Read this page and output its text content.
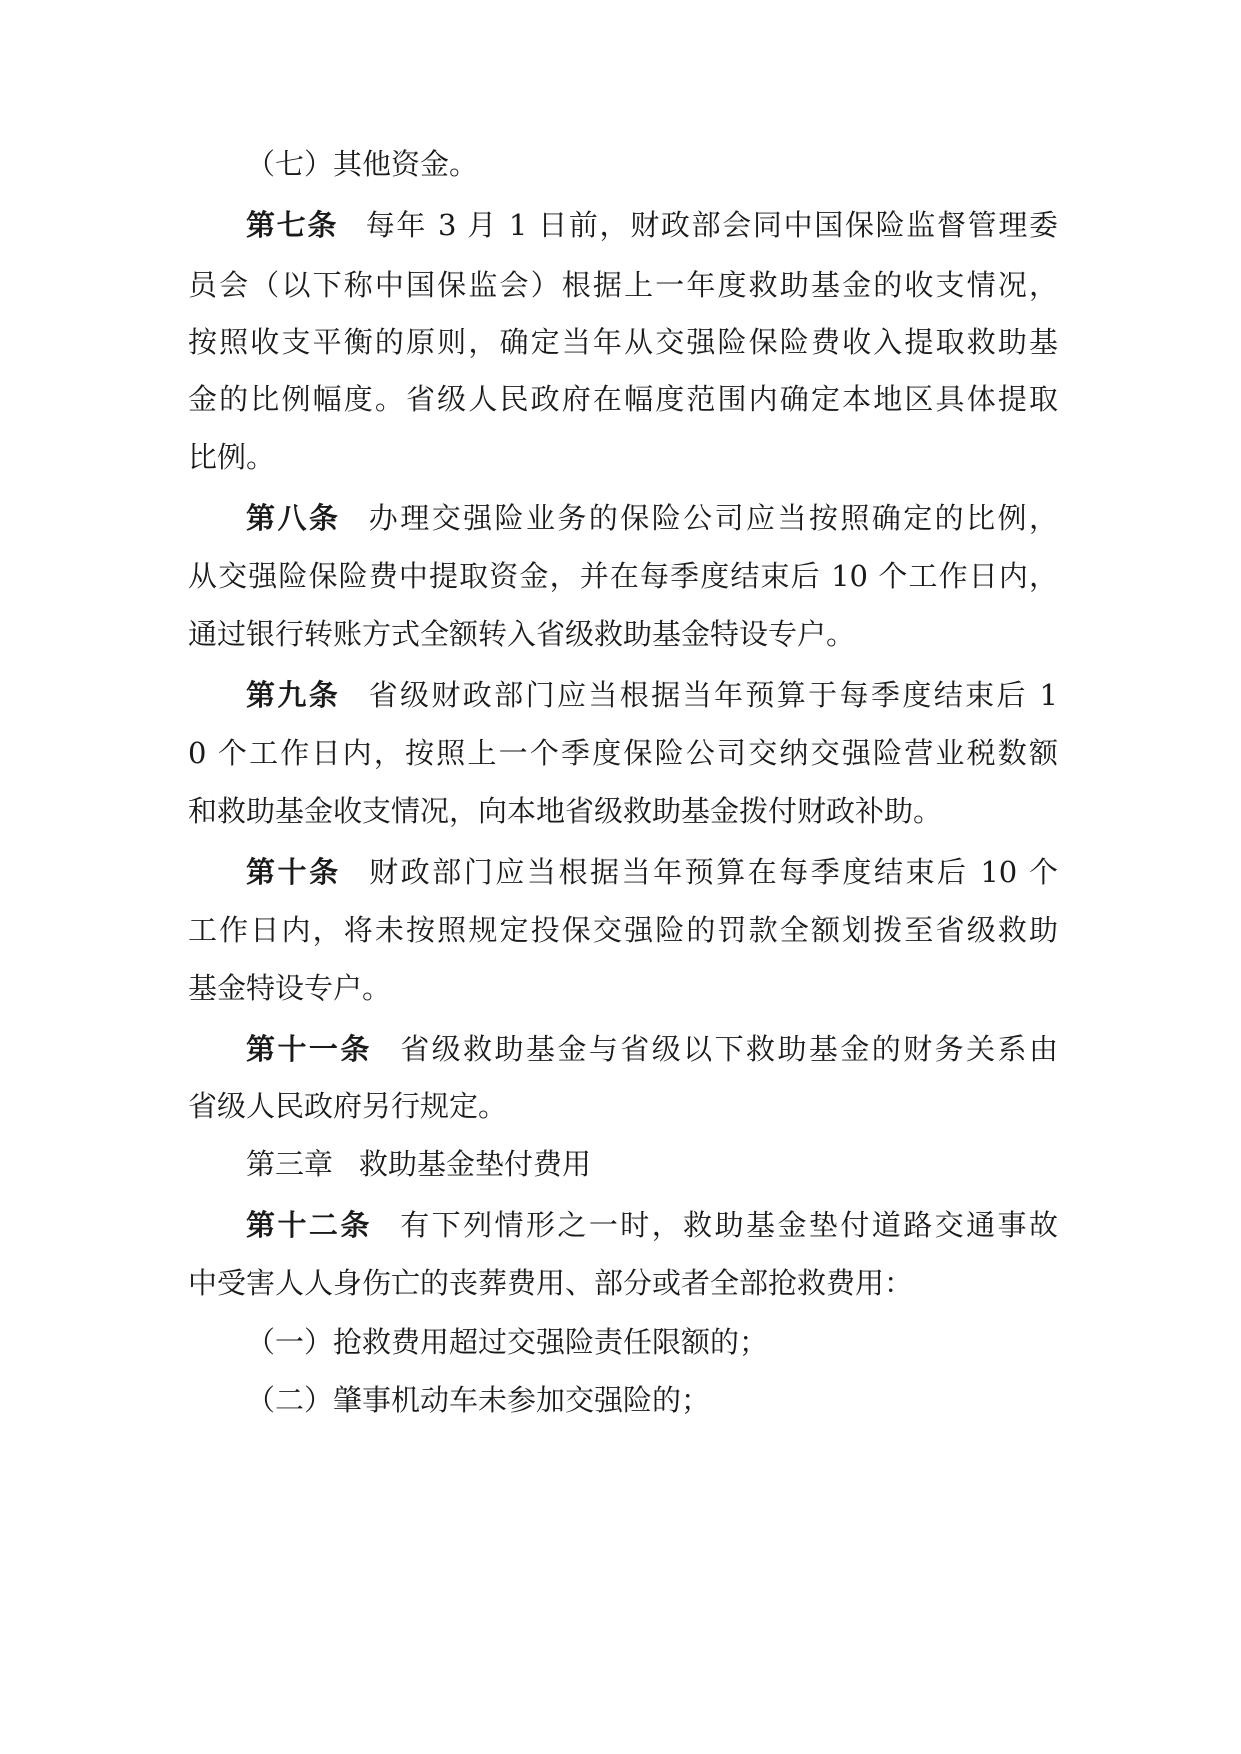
（七）其他资金。
第七条 每年 3 月 1 日前，财政部会同中国保险监督管理委
员会（以下称中国保监会）根据上一年度救助基金的收支情况，
按照收支平衡的原则，确定当年从交强险保险费收入提取救助基
金的比例幅度。省级人民政府在幅度范围内确定本地区具体提取
比例。
第八条 办理交强险业务的保险公司应当按照确定的比例，
从交强险保险费中提取资金，并在每季度结束后 10 个工作日内，
通过银行转账方式全额转入省级救助基金特设专户。
第九条 省级财政部门应当根据当年预算于每季度结束后 1
0 个工作日内，按照上一个季度保险公司交纳交强险营业税数额
和救助基金收支情况，向本地省级救助基金拨付财政补助。
第十条 财政部门应当根据当年预算在每季度结束后 10 个
工作日内，将未按照规定投保交强险的罚款全额划拨至省级救助
基金特设专户。
第十一条 省级救助基金与省级以下救助基金的财务关系由
省级人民政府另行规定。
第三章 救助基金垫付费用
第十二条 有下列情形之一时，救助基金垫付道路交通事故
中受害人人身伤亡的丧葬费用、部分或者全部抢救费用：
（一）抢救费用超过交强险责任限额的；
（二）肇事机动车未参加交强险的；
